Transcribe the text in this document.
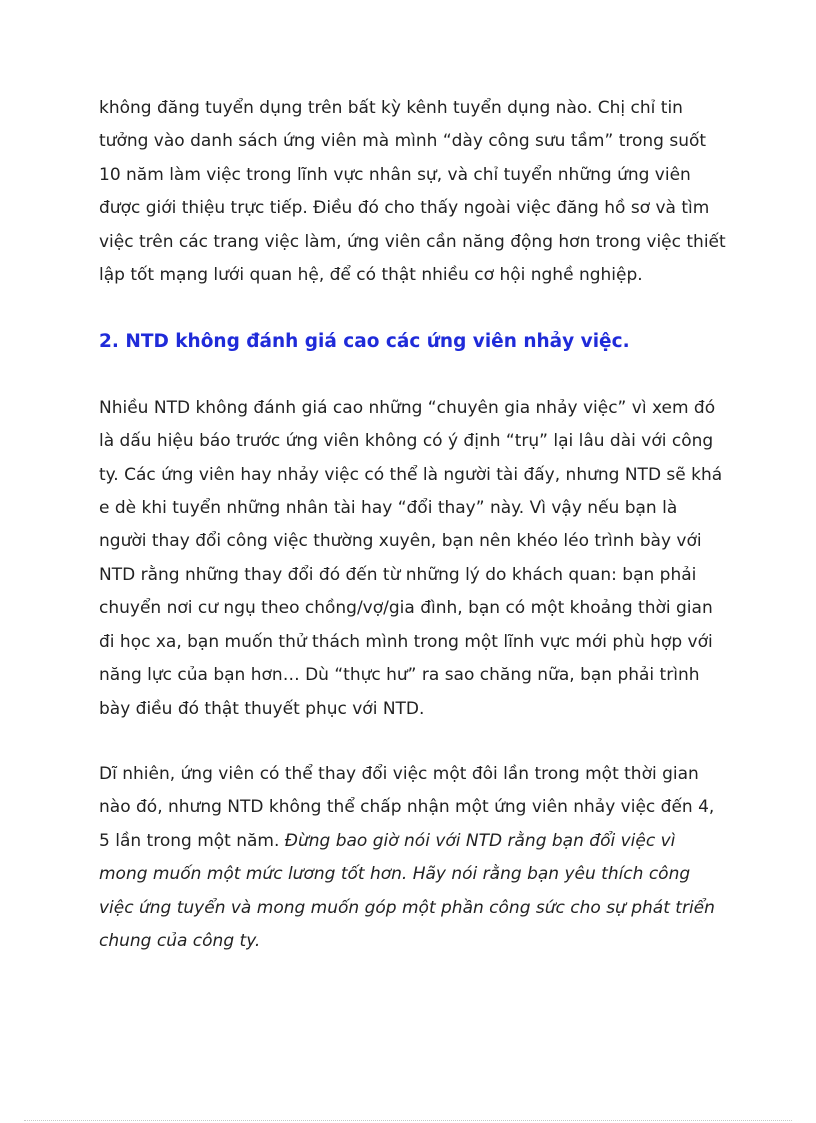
không đăng tuyển dụng trên bất kỳ kênh tuyển dụng nào. Chị chỉ tin tưởng vào danh sách ứng viên mà mình “dày công sưu tầm” trong suốt 10 năm làm việc trong lĩnh vực nhân sự, và chỉ tuyển những ứng viên được giới thiệu trực tiếp. Điều đó cho thấy ngoài việc đăng hồ sơ và tìm việc trên các trang việc làm, ứng viên cần năng động hơn trong việc thiết lập tốt mạng lưới quan hệ, để có thật nhiều cơ hội nghề nghiệp.

2. NTD không đánh giá cao các ứng viên nhảy việc.

Nhiều NTD không đánh giá cao những “chuyên gia nhảy việc” vì xem đó là dấu hiệu báo trước ứng viên không có ý định “trụ” lại lâu dài với công ty. Các ứng viên hay nhảy việc có thể là người tài đấy, nhưng NTD sẽ khá e dè khi tuyển những nhân tài hay “đổi thay” này. Vì vậy nếu bạn là người thay đổi công việc thường xuyên, bạn nên khéo léo trình bày với NTD rằng những thay đổi đó đến từ những lý do khách quan: bạn phải chuyển nơi cư ngụ theo chồng/vợ/gia đình, bạn có một khoảng thời gian đi học xa, bạn muốn thử thách mình trong một lĩnh vực mới phù hợp với năng lực của bạn hơn… Dù “thực hư” ra sao chăng nữa, bạn phải trình bày điều đó thật thuyết phục với NTD.

Dĩ nhiên, ứng viên có thể thay đổi việc một đôi lần trong một thời gian nào đó, nhưng NTD không thể chấp nhận một ứng viên nhảy việc đến 4, 5 lần trong một năm. Đừng bao giờ nói với NTD rằng bạn đổi việc vì mong muốn một mức lương tốt hơn. Hãy nói rằng bạn yêu thích công việc ứng tuyển và mong muốn góp một phần công sức cho sự phát triển chung của công ty.
